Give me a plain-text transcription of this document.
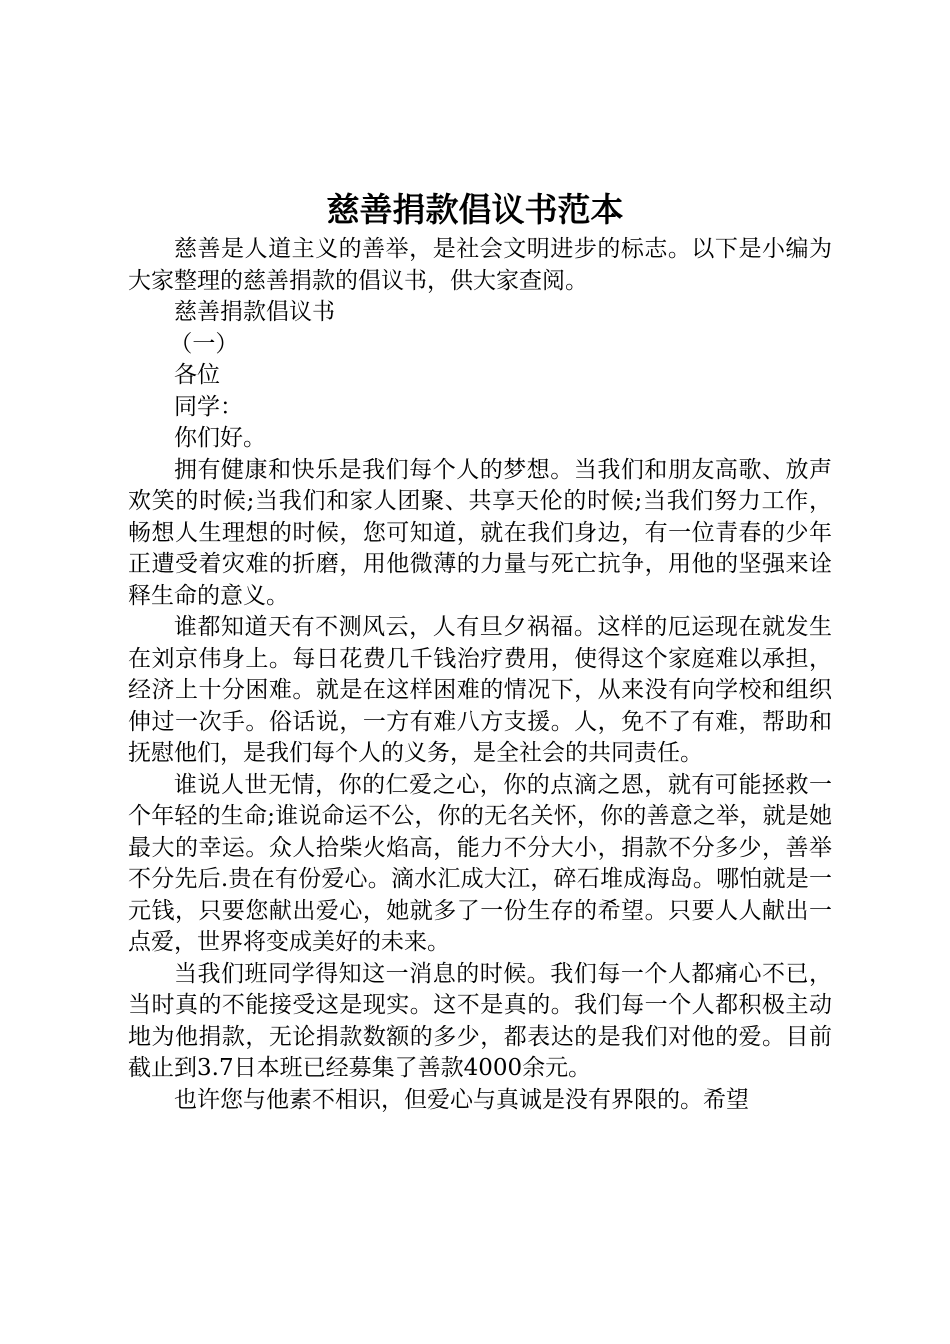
慈善捐款倡议书范本

慈善是人道主义的善举，是社会文明进步的标志。以下是小编为大家整理的慈善捐款的倡议书，供大家查阅。

慈善捐款倡议书

（一）

各位

同学：

你们好。

拥有健康和快乐是我们每个人的梦想。当我们和朋友高歌、放声欢笑的时候;当我们和家人团聚、共享天伦的时候;当我们努力工作，畅想人生理想的时候，您可知道，就在我们身边，有一位青春的少年正遭受着灾难的折磨，用他微薄的力量与死亡抗争，用他的坚强来诠释生命的意义。

谁都知道天有不测风云，人有旦夕祸福。这样的厄运现在就发生在刘京伟身上。每日花费几千钱治疗费用，使得这个家庭难以承担，经济上十分困难。就是在这样困难的情况下，从来没有向学校和组织伸过一次手。俗话说，一方有难八方支援。人，免不了有难，帮助和抚慰他们，是我们每个人的义务，是全社会的共同责任。

谁说人世无情，你的仁爱之心，你的点滴之恩，就有可能拯救一个年轻的生命;谁说命运不公，你的无名关怀，你的善意之举，就是她最大的幸运。众人拾柴火焰高，能力不分大小，捐款不分多少，善举不分先后.贵在有份爱心。滴水汇成大江，碎石堆成海岛。哪怕就是一元钱，只要您献出爱心，她就多了一份生存的希望。只要人人献出一点爱，世界将变成美好的未来。

当我们班同学得知这一消息的时候。我们每一个人都痛心不已，当时真的不能接受这是现实。这不是真的。我们每一个人都积极主动地为他捐款，无论捐款数额的多少，都表达的是我们对他的爱。目前截止到3.7日本班已经募集了善款4000余元。

也许您与他素不相识，但爱心与真诚是没有界限的。希望
